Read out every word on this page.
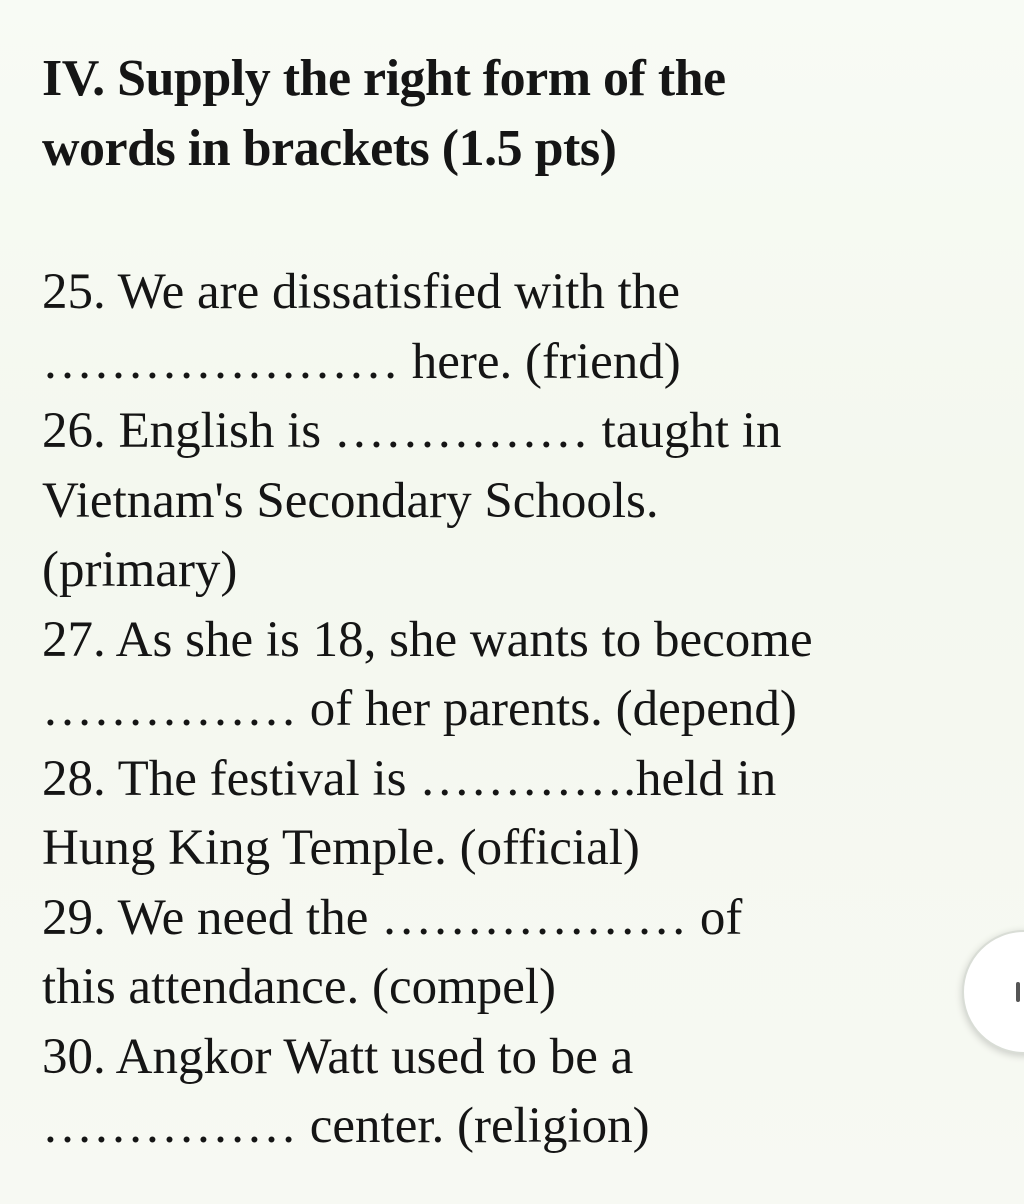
IV. Supply the right form of the
words in brackets (1.5 pts)
25. We are dissatisfied with the
………………… here. (friend)
26. English is …………… taught in
Vietnam's Secondary Schools.
(primary)
27. As she is 18, she wants to become
…………… of her parents. (depend)
28. The festival is ………….held in
Hung King Temple. (official)
29. We need the ……………… of
this attendance. (compel)
30. Angkor Watt used to be a
…………… center. (religion)
